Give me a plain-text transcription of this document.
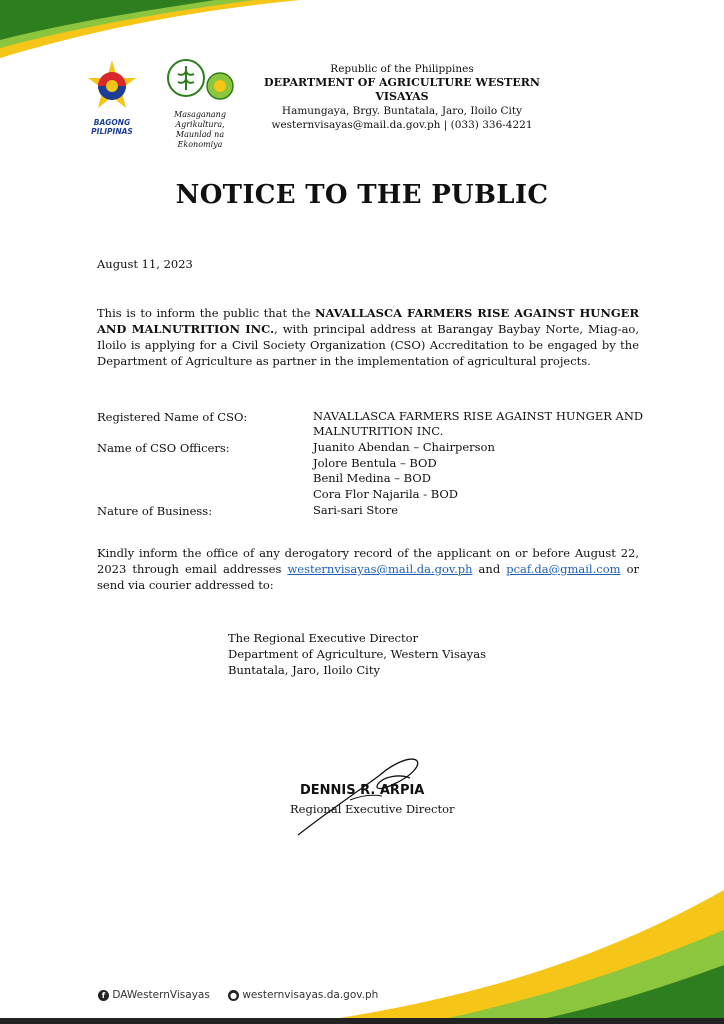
BAGONG PILIPINAS
Masaganang Agrikultura,
Maunlad na Ekonomiya
Republic of the Philippines
DEPARTMENT OF AGRICULTURE WESTERN VISAYAS
Hamungaya, Brgy. Buntatala, Jaro, Iloilo City
westernvisayas@mail.da.gov.ph | (033) 336-4221
NOTICE TO THE PUBLIC
August 11, 2023
This is to inform the public that the NAVALLASCA FARMERS RISE AGAINST HUNGER AND MALNUTRITION INC., with principal address at Barangay Baybay Norte, Miag-ao, Iloilo is applying for a Civil Society Organization (CSO) Accreditation to be engaged by the Department of Agriculture as partner in the implementation of agricultural projects.
Registered Name of CSO:	NAVALLASCA FARMERS RISE AGAINST HUNGER AND
MALNUTRITION INC.
Name of CSO Officers:	Juanito Abendan – Chairperson
Jolore Bentula – BOD
Benil Medina – BOD
Cora Flor Najarila - BOD
Nature of Business:	Sari-sari Store
Kindly inform the office of any derogatory record of the applicant on or before August 22, 2023 through email addresses westernvisayas@mail.da.gov.ph and pcaf.da@gmail.com or send via courier addressed to:
The Regional Executive Director
Department of Agriculture, Western Visayas
Buntatala, Jaro, Iloilo City
DENNIS R. ARPIA
Regional Executive Director
f DAWesternVisayas	● westernvisayas.da.gov.ph
